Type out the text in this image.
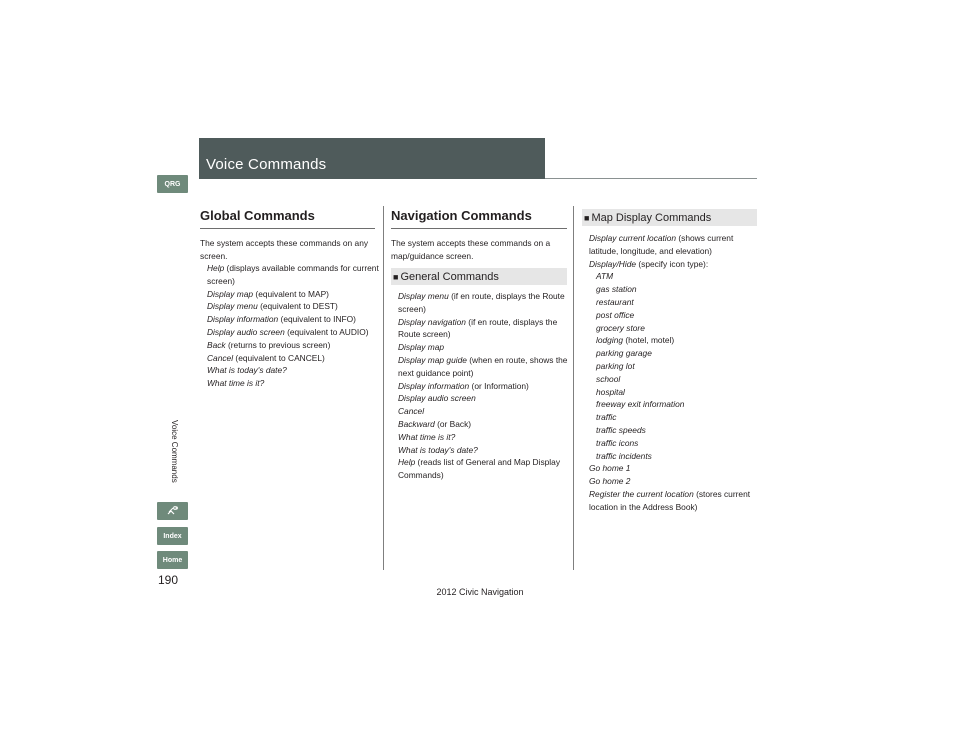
Voice Commands
QRG
Voice Commands
Index
Home
190
Global Commands
The system accepts these commands on any screen.
Help (displays available commands for current screen)
Display map (equivalent to MAP)
Display menu (equivalent to DEST)
Display information (equivalent to INFO)
Display audio screen (equivalent to AUDIO)
Back (returns to previous screen)
Cancel (equivalent to CANCEL)
What is today's date?
What time is it?
Navigation Commands
The system accepts these commands on a map/guidance screen.
■ General Commands
Display menu (if en route, displays the Route screen)
Display navigation (if en route, displays the Route screen)
Display map
Display map guide (when en route, shows the next guidance point)
Display information (or Information)
Display audio screen
Cancel
Backward (or Back)
What time is it?
What is today's date?
Help (reads list of General and Map Display Commands)
■ Map Display Commands
Display current location (shows current latitude, longitude, and elevation)
Display/Hide (specify icon type):
ATM
gas station
restaurant
post office
grocery store
lodging (hotel, motel)
parking garage
parking lot
school
hospital
freeway exit information
traffic
traffic speeds
traffic icons
traffic incidents
Go home 1
Go home 2
Register the current location (stores current location in the Address Book)
2012 Civic Navigation
